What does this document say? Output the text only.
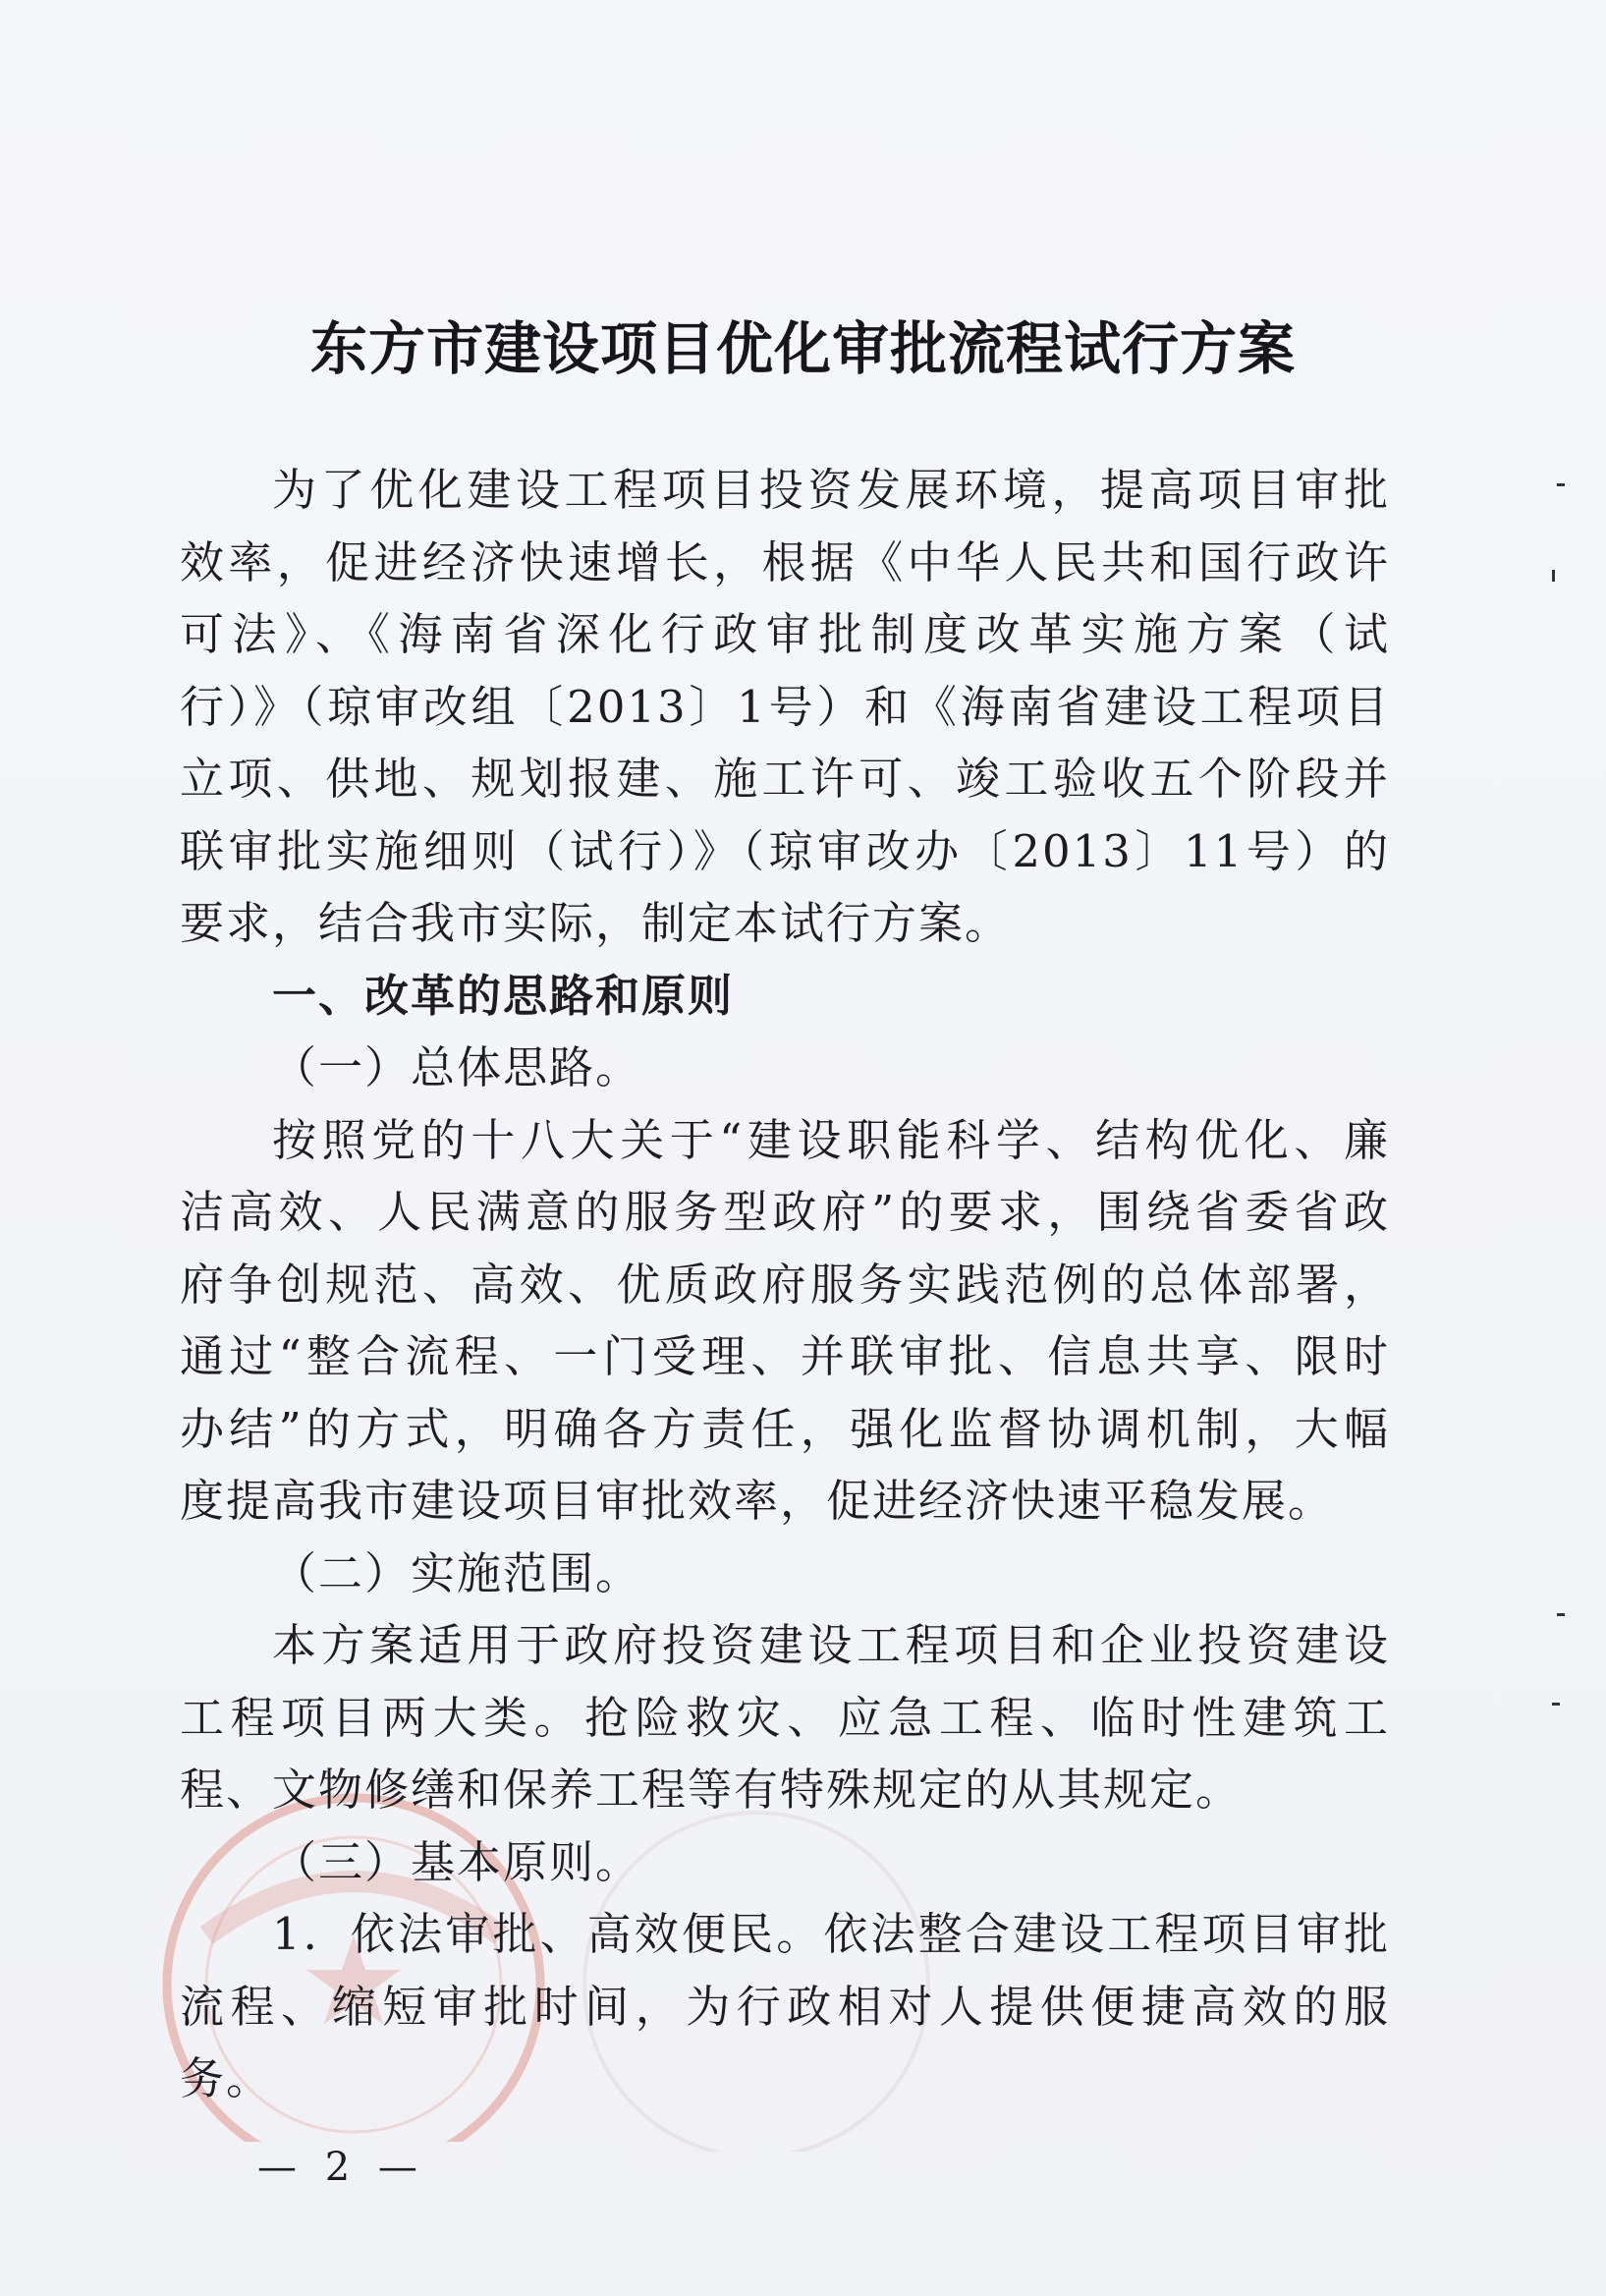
东方市建设项目优化审批流程试行方案
为了优化建设工程项目投资发展环境，提高项目审批
效率，促进经济快速增长，根据《中华人民共和国行政许
可法》、《海南省深化行政审批制度改革实施方案（试
行）》（琼审改组〔2013〕1号）和《海南省建设工程项目
立项、供地、规划报建、施工许可、竣工验收五个阶段并
联审批实施细则（试行）》（琼审改办〔2013〕11号）的
要求，结合我市实际，制定本试行方案。
一、改革的思路和原则
（一）总体思路。
按照党的十八大关于“建设职能科学、结构优化、廉
洁高效、人民满意的服务型政府”的要求，围绕省委省政
府争创规范、高效、优质政府服务实践范例的总体部署，
通过“整合流程、一门受理、并联审批、信息共享、限时
办结”的方式，明确各方责任，强化监督协调机制，大幅
度提高我市建设项目审批效率，促进经济快速平稳发展。
（二）实施范围。
本方案适用于政府投资建设工程项目和企业投资建设
工程项目两大类。抢险救灾、应急工程、临时性建筑工
程、文物修缮和保养工程等有特殊规定的从其规定。
（三）基本原则。
1．依法审批、高效便民。依法整合建设工程项目审批
流程、缩短审批时间，为行政相对人提供便捷高效的服
务。
— 2 —
